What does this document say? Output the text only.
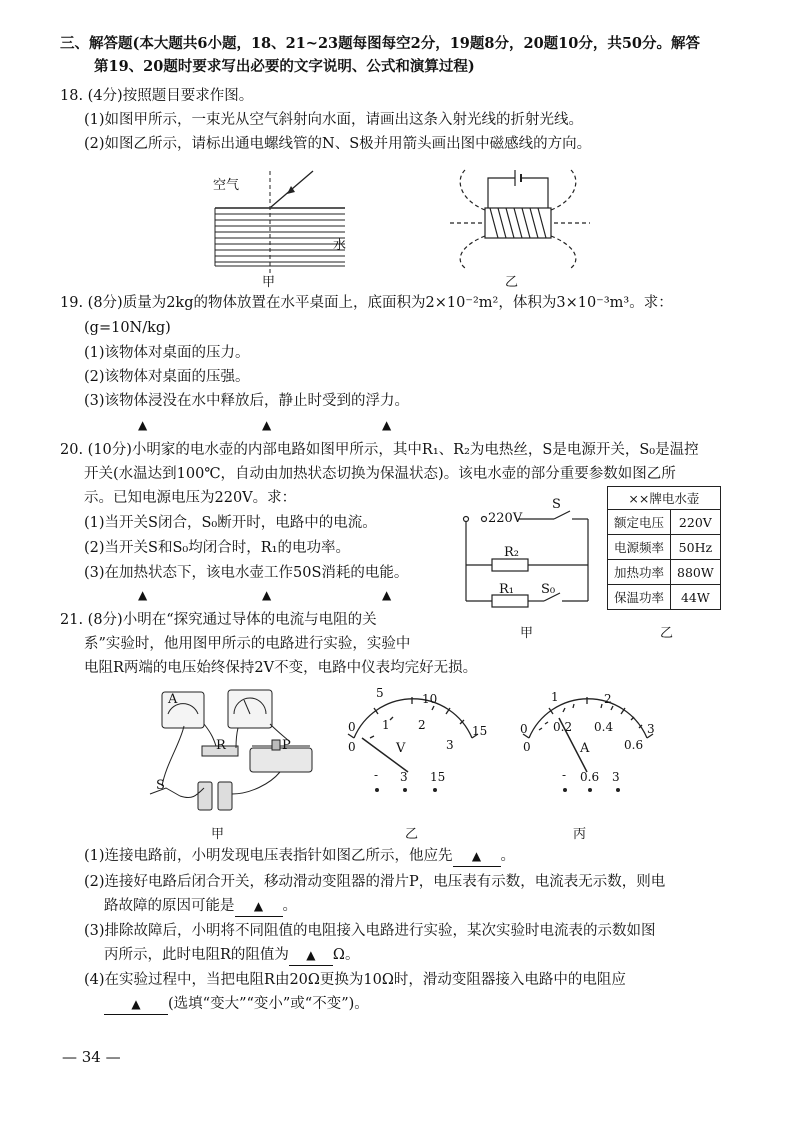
三、解答题(本大题共6小题，18、21~23题每图每空2分，19题8分，20题10分，共50分。解答
第19、20题时要求写出必要的文字说明、公式和演算过程)
18. (4分)按照题目要求作图。
(1)如图甲所示，一束光从空气斜射向水面，请画出这条入射光线的折射光线。
(2)如图乙所示，请标出通电螺线管的N、S极并用箭头画出图中磁感线的方向。
空气
水
甲	乙
19. (8分)质量为2kg的物体放置在水平桌面上，底面积为2×10⁻²m²，体积为3×10⁻³m³。求：
(g=10N/kg)
(1)该物体对桌面的压力。
(2)该物体对桌面的压强。
(3)该物体浸没在水中释放后，静止时受到的浮力。
▲	▲	▲
20. (10分)小明家的电水壶的内部电路如图甲所示，其中R₁、R₂为电热丝，S是电源开关，S₀是温控
开关(水温达到100℃，自动由加热状态切换为保温状态)。该电水壶的部分重要参数如图乙所
示。已知电源电压为220V。求：
(1)当开关S闭合，S₀断开时，电路中的电流。
(2)当开关S和S₀均闭合时，R₁的电功率。
(3)在加热状态下，该电水壶工作50S消耗的电能。
▲	▲	▲
220V
S
R₂
R₁ S₀
甲
××牌电水壶	
额定电压	220V
电源频率	50Hz
加热功率	880W
保温功率	44W
乙
21. (8分)小明在“探究通过导体的电流与电阻的关
系”实验时，他用图甲所示的电路进行实验，实验中
电阻R两端的电压始终保持2V不变，电路中仪表均完好无损。
A
R	P
S
甲
5	10
0	15
0
1 2
3
V
- 3 15
乙
1	2
0	3
0
0.2 0.4
0.6
A
- 0.6 3
丙
(1)连接电路前，小明发现电压表指针如图乙所示，他应先 ▲ 。
(2)连接好电路后闭合开关，移动滑动变阻器的滑片P，电压表有示数，电流表无示数，则电
路故障的原因可能是 ▲ 。
(3)排除故障后，小明将不同阻值的电阻接入电路进行实验，某次实验时电流表的示数如图
丙所示，此时电阻R的阻值为 ▲ Ω。
(4)在实验过程中，当把电阻R由20Ω更换为10Ω时，滑动变阻器接入电路中的电阻应
▲ (选填“变大”“变小”或“不变”)。
— 34 —
